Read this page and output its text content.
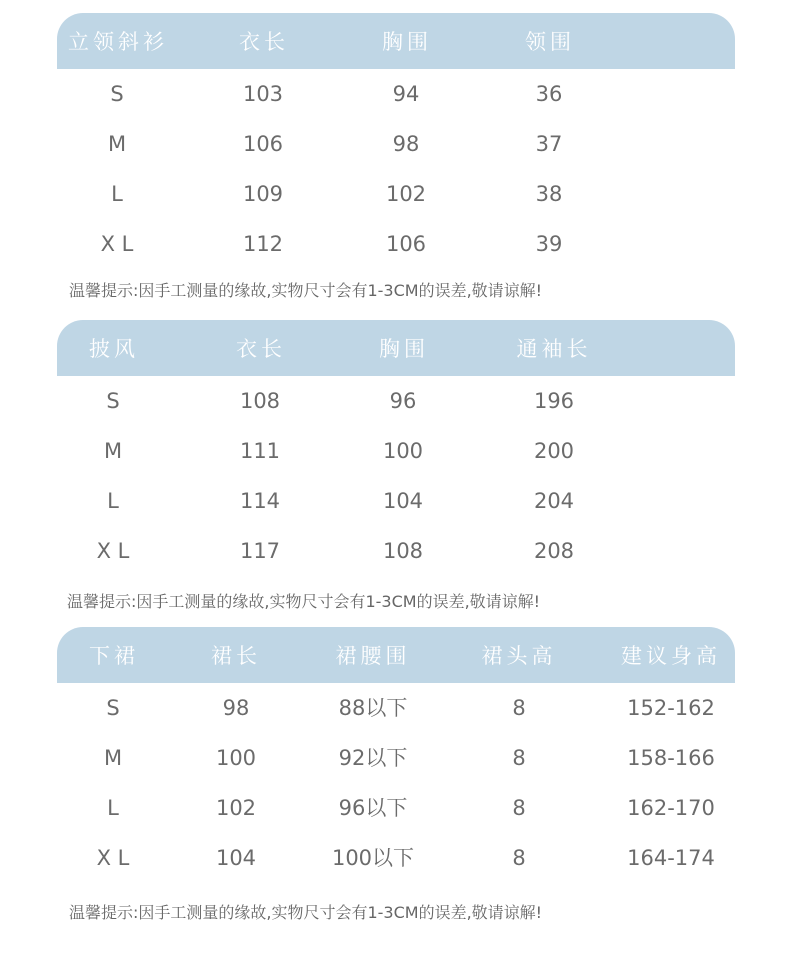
立领斜衫	衣长	胸围	领围
S	103	94	36
M	106	98	37
L	109	102	38
X L	112	106	39
温馨提示:因手工测量的缘故,实物尺寸会有1-3CM的误差,敬请谅解!
披风	衣长	胸围	通袖长
S	108	96	196
M	111	100	200
L	114	104	204
X L	117	108	208
温馨提示:因手工测量的缘故,实物尺寸会有1-3CM的误差,敬请谅解!
下裙	裙长	裙腰围	裙头高	建议身高
S	98	88以下	8	152-162
M	100	92以下	8	158-166
L	102	96以下	8	162-170
X L	104	100以下	8	164-174
温馨提示:因手工测量的缘故,实物尺寸会有1-3CM的误差,敬请谅解!
